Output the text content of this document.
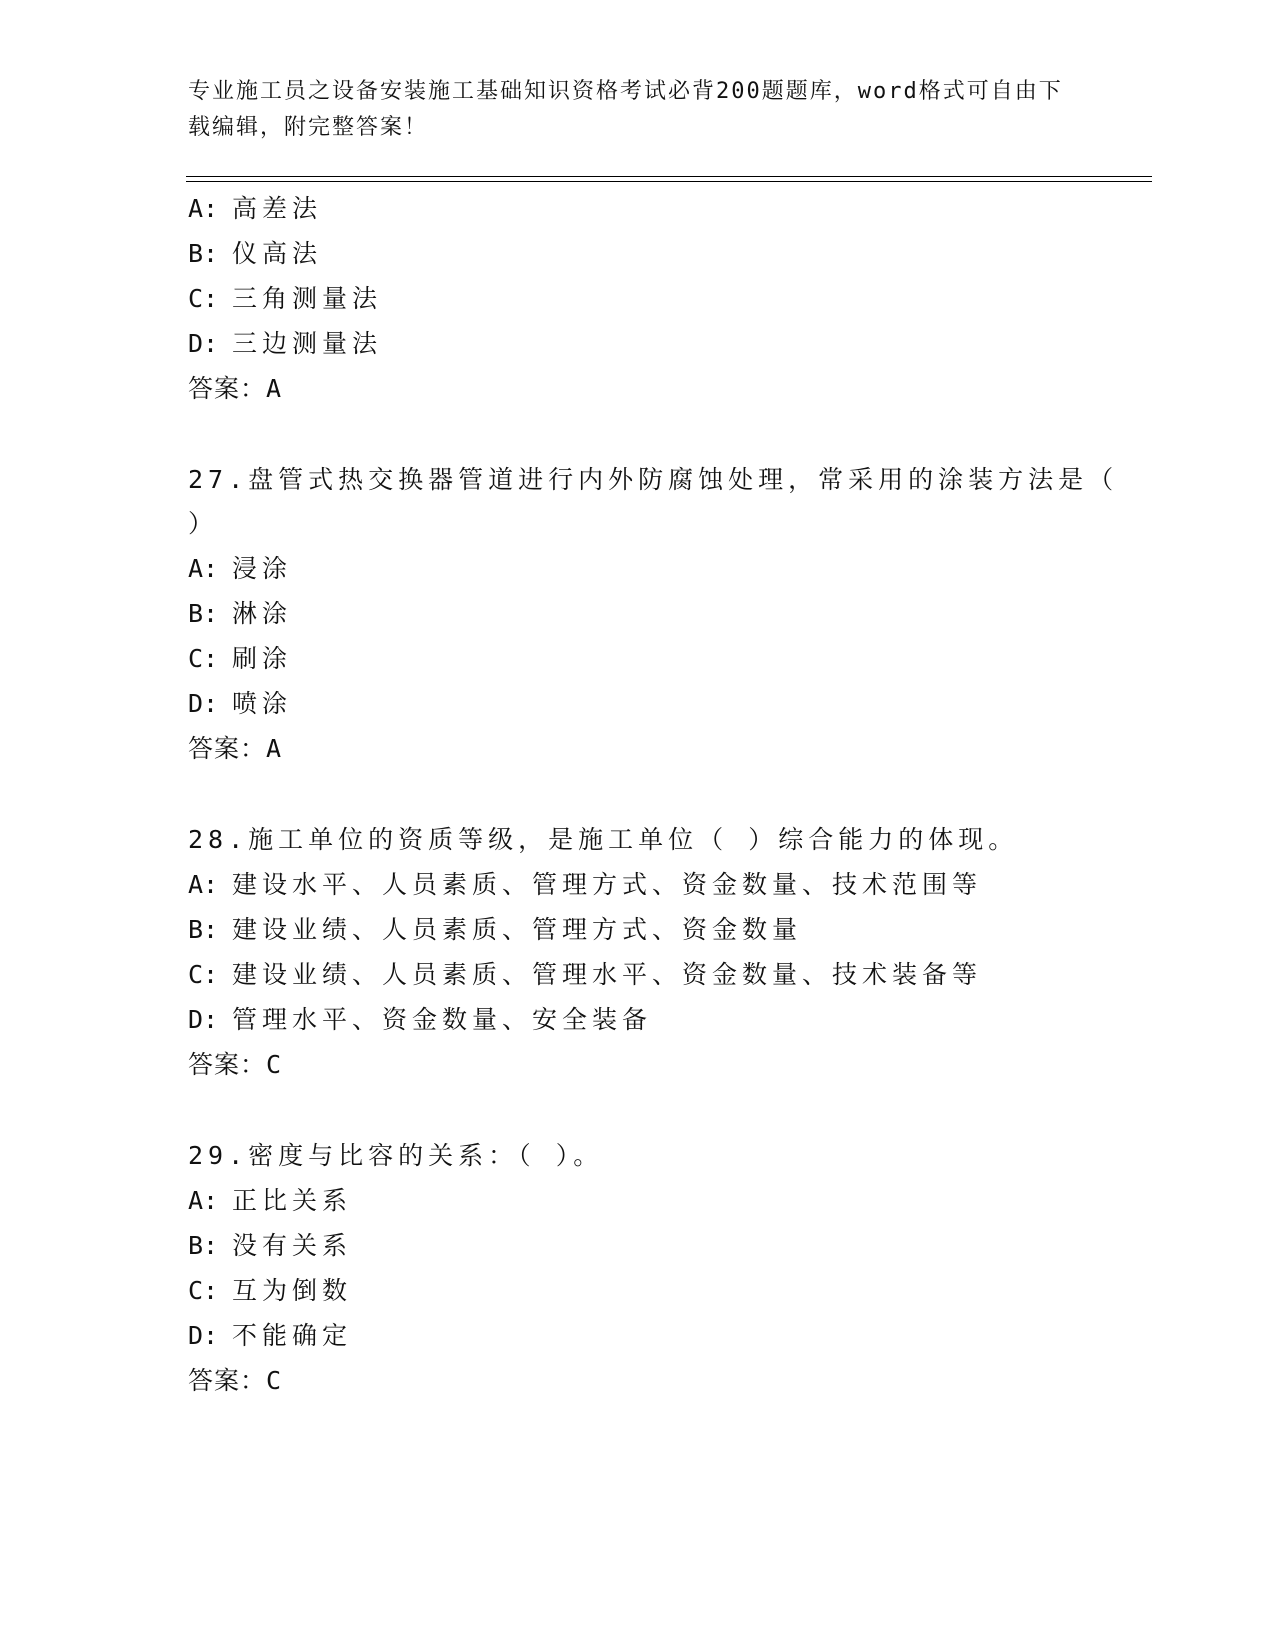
专业施工员之设备安装施工基础知识资格考试必背200题题库，word格式可自由下载编辑，附完整答案！
A: 高差法
B: 仪高法
C: 三角测量法
D: 三边测量法
答案：A
27.盘管式热交换器管道进行内外防腐蚀处理，常采用的涂装方法是（
）
A: 浸涂
B: 淋涂
C: 刷涂
D: 喷涂
答案：A
28.施工单位的资质等级，是施工单位（ ）综合能力的体现。
A: 建设水平、人员素质、管理方式、资金数量、技术范围等
B: 建设业绩、人员素质、管理方式、资金数量
C: 建设业绩、人员素质、管理水平、资金数量、技术装备等
D: 管理水平、资金数量、安全装备
答案：C
29.密度与比容的关系：（ ）。
A: 正比关系
B: 没有关系
C: 互为倒数
D: 不能确定
答案：C
